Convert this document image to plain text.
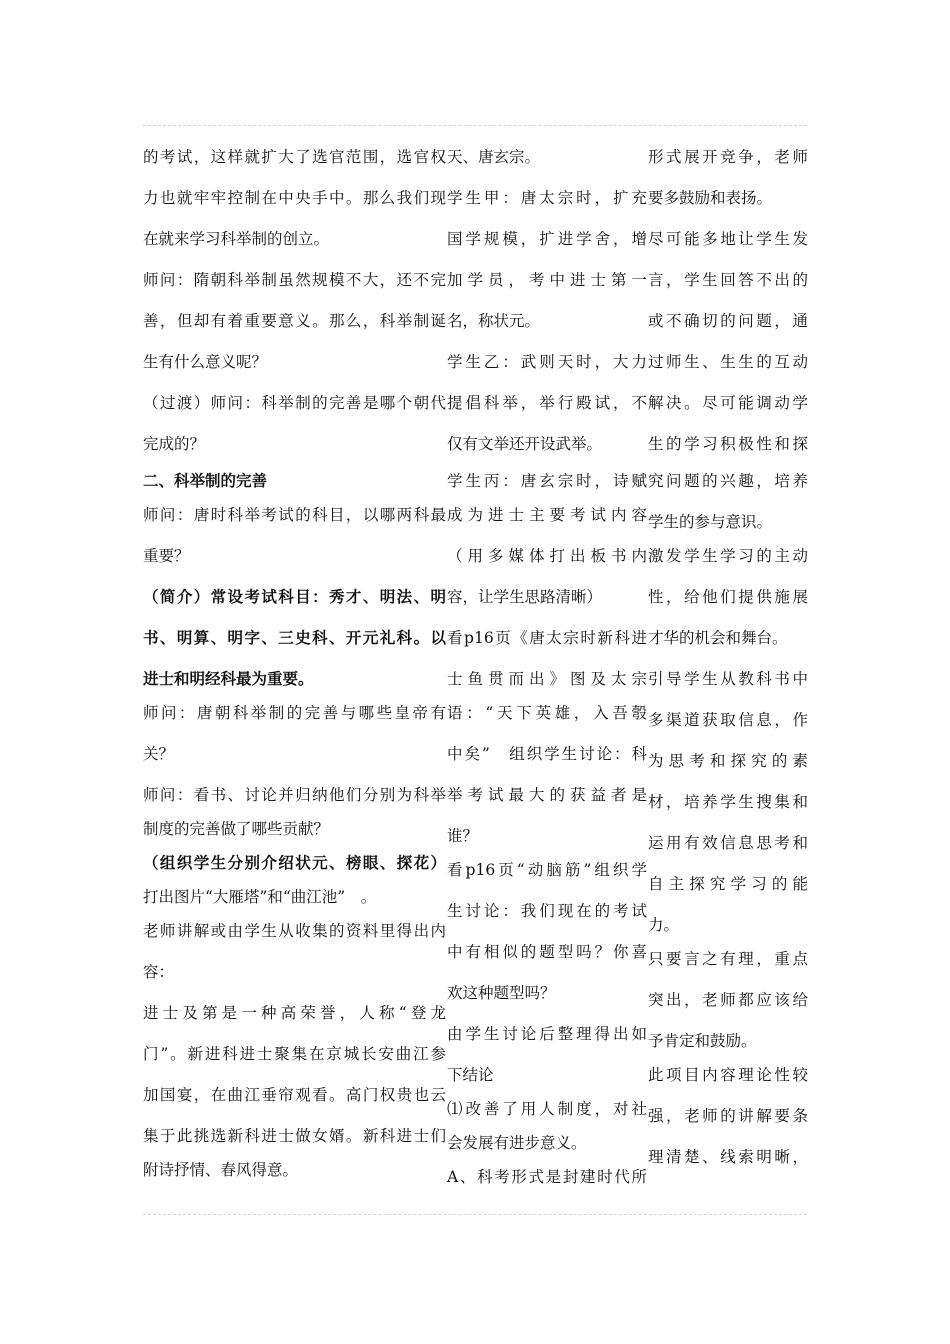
的考试，这样就扩大了选官范围，选官权
力也就牢牢控制在中央手中。那么我们现
在就来学习科举制的创立。
师问：隋朝科举制虽然规模不大，还不完
善，但却有着重要意义。那么，科举制诞
生有什么意义呢？
（过渡）师问：科举制的完善是哪个朝代
完成的？
二、科举制的完善
师问：唐时科举考试的科目，以哪两科最
重要？
（简介）常设考试科目：秀才、明法、明
书、明算、明字、三史科、开元礼科。以
进士和明经科最为重要。
师问：唐朝科举制的完善与哪些皇帝有
关？
师问：看书、讨论并归纳他们分别为科举
制度的完善做了哪些贡献？
（组织学生分别介绍状元、榜眼、探花）
打出图片“大雁塔”和“曲江池”　。
老师讲解或由学生从收集的资料里得出内
容：
进士及第是一种高荣誉，人称“登龙
门”。新进科进士聚集在京城长安曲江参
加国宴，在曲江垂帘观看。高门权贵也云
集于此挑选新科进士做女婿。新科进士们
附诗抒情、春风得意。
天、唐玄宗。
学生甲：唐太宗时，扩充
国学规模，扩进学舍，增
加学员，考中进士第一
名，称状元。
学生乙：武则天时，大力
提倡科举，举行殿试，不
仅有文举还开设武举。
学生丙：唐玄宗时，诗赋
成为进士主要考试内容
（用多媒体打出板书内
容，让学生思路清晰）
看p16页《唐太宗时新科进
士鱼贯而出》图及太宗
语：“天下英雄，入吾彀
中矣”　组织学生讨论：科
举考试最大的获益者是
谁？
看p16页“动脑筋”组织学
生讨论：我们现在的考试
中有相似的题型吗？你喜
欢这种题型吗？
由学生讨论后整理得出如
下结论
⑴改善了用人制度，对社
会发展有进步意义。
A、科考形式是封建时代所
形式展开竞争，老师
要多鼓励和表扬。
尽可能多地让学生发
言，学生回答不出的
或不确切的问题，通
过师生、生生的互动
解决。尽可能调动学
生的学习积极性和探
究问题的兴趣，培养
学生的参与意识。
激发学生学习的主动
性，给他们提供施展
才华的机会和舞台。
引导学生从教科书中
多渠道获取信息，作
为思考和探究的素
材，培养学生搜集和
运用有效信息思考和
自主探究学习的能
力。
只要言之有理，重点
突出，老师都应该给
予肯定和鼓励。
此项目内容理论性较
强，老师的讲解要条
理清楚、线索明晰，
